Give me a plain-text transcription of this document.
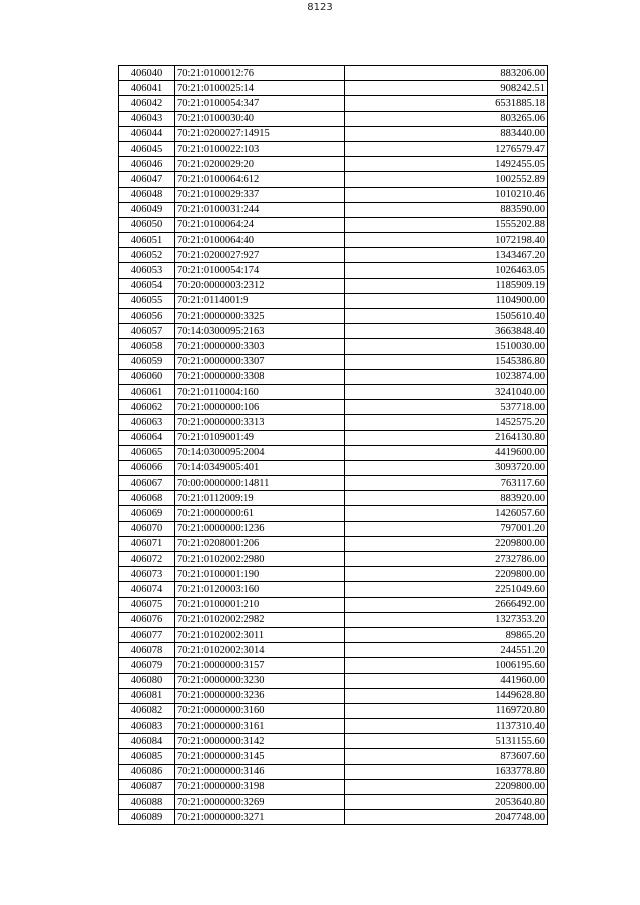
8123
406040	70:21:0100012:76	883206.00
406041	70:21:0100025:14	908242.51
406042	70:21:0100054:347	6531885.18
406043	70:21:0100030:40	803265.06
406044	70:21:0200027:14915	883440.00
406045	70:21:0100022:103	1276579.47
406046	70:21:0200029:20	1492455.05
406047	70:21:0100064:612	1002552.89
406048	70:21:0100029:337	1010210.46
406049	70:21:0100031:244	883590.00
406050	70:21:0100064:24	1555202.88
406051	70:21:0100064:40	1072198.40
406052	70:21:0200027:927	1343467.20
406053	70:21:0100054:174	1026463.05
406054	70:20:0000003:2312	1185909.19
406055	70:21:0114001:9	1104900.00
406056	70:21:0000000:3325	1505610.40
406057	70:14:0300095:2163	3663848.40
406058	70:21:0000000:3303	1510030.00
406059	70:21:0000000:3307	1545386.80
406060	70:21:0000000:3308	1023874.00
406061	70:21:0110004:160	3241040.00
406062	70:21:0000000:106	537718.00
406063	70:21:0000000:3313	1452575.20
406064	70:21:0109001:49	2164130.80
406065	70:14:0300095:2004	4419600.00
406066	70:14:0349005:401	3093720.00
406067	70:00:0000000:14811	763117.60
406068	70:21:0112009:19	883920.00
406069	70:21:0000000:61	1426057.60
406070	70:21:0000000:1236	797001.20
406071	70:21:0208001:206	2209800.00
406072	70:21:0102002:2980	2732786.00
406073	70:21:0100001:190	2209800.00
406074	70:21:0120003:160	2251049.60
406075	70:21:0100001:210	2666492.00
406076	70:21:0102002:2982	1327353.20
406077	70:21:0102002:3011	89865.20
406078	70:21:0102002:3014	244551.20
406079	70:21:0000000:3157	1006195.60
406080	70:21:0000000:3230	441960.00
406081	70:21:0000000:3236	1449628.80
406082	70:21:0000000:3160	1169720.80
406083	70:21:0000000:3161	1137310.40
406084	70:21:0000000:3142	5131155.60
406085	70:21:0000000:3145	873607.60
406086	70:21:0000000:3146	1633778.80
406087	70:21:0000000:3198	2209800.00
406088	70:21:0000000:3269	2053640.80
406089	70:21:0000000:3271	2047748.00
